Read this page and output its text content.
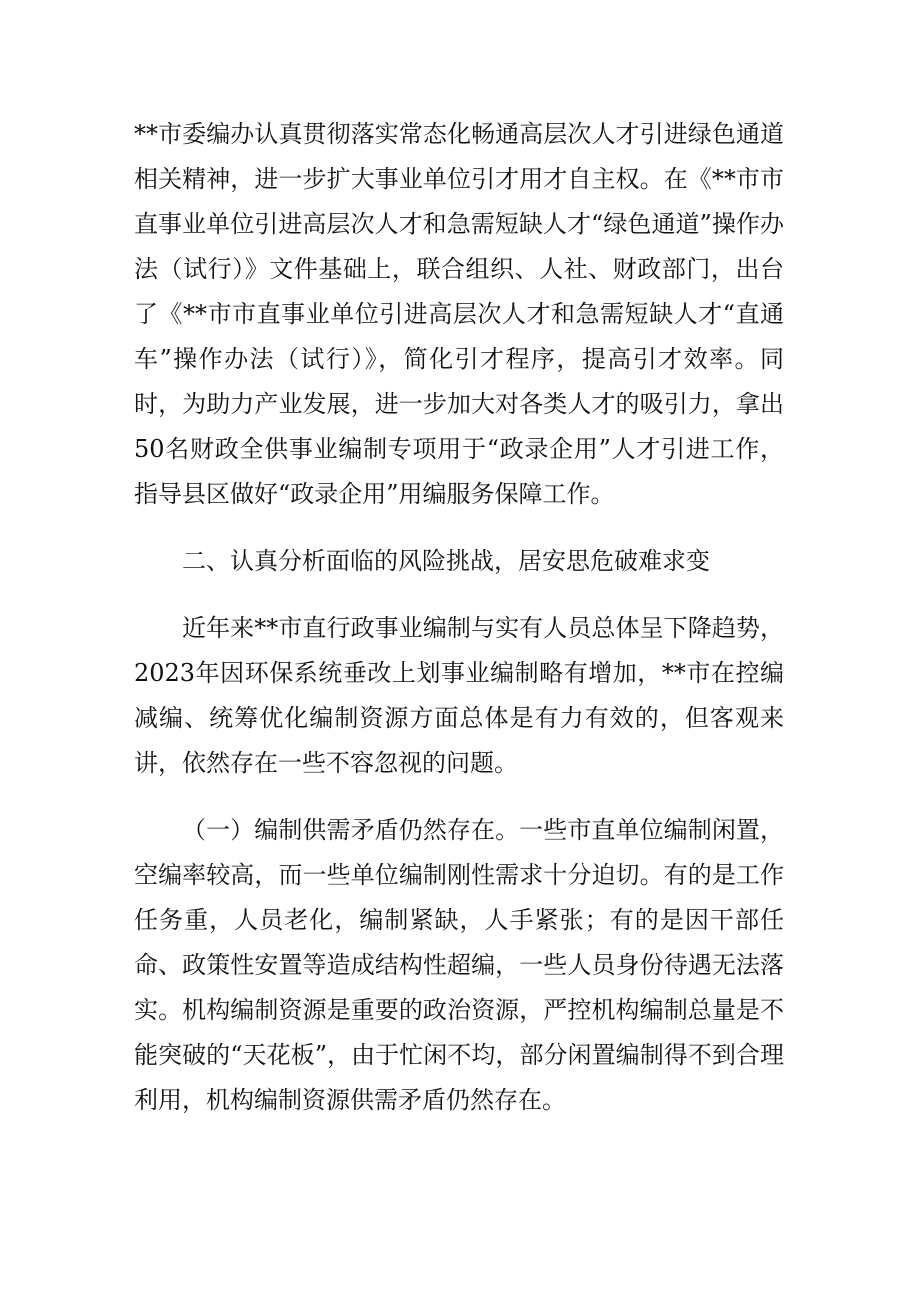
**市委编办认真贯彻落实常态化畅通高层次人才引进绿色通道相关精神，进一步扩大事业单位引才用才自主权。在《**市市直事业单位引进高层次人才和急需短缺人才“绿色通道”操作办法（试行）》文件基础上，联合组织、人社、财政部门，出台了《**市市直事业单位引进高层次人才和急需短缺人才“直通车”操作办法（试行）》，简化引才程序，提高引才效率。同时，为助力产业发展，进一步加大对各类人才的吸引力，拿出50名财政全供事业编制专项用于“政录企用”人才引进工作，指导县区做好“政录企用”用编服务保障工作。

二、认真分析面临的风险挑战，居安思危破难求变

近年来**市直行政事业编制与实有人员总体呈下降趋势，2023年因环保系统垂改上划事业编制略有增加，**市在控编减编、统筹优化编制资源方面总体是有力有效的，但客观来讲，依然存在一些不容忽视的问题。

（一）编制供需矛盾仍然存在。一些市直单位编制闲置，空编率较高，而一些单位编制刚性需求十分迫切。有的是工作任务重，人员老化，编制紧缺，人手紧张；有的是因干部任命、政策性安置等造成结构性超编，一些人员身份待遇无法落实。机构编制资源是重要的政治资源，严控机构编制总量是不能突破的“天花板”，由于忙闲不均，部分闲置编制得不到合理利用，机构编制资源供需矛盾仍然存在。
